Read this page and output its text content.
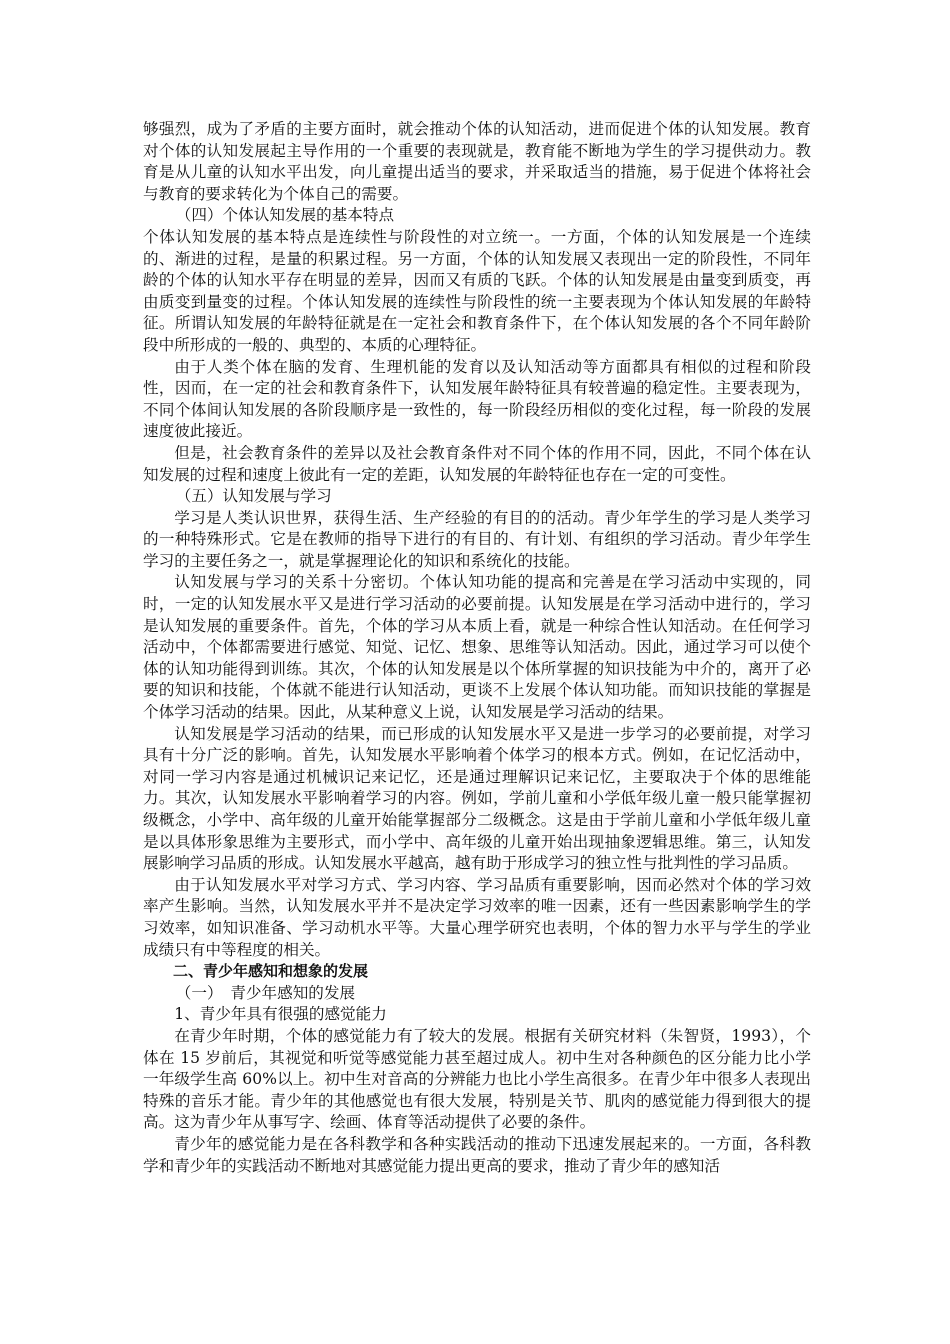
够强烈，成为了矛盾的主要方面时，就会推动个体的认知活动，进而促进个体的认知发展。教育对个体的认知发展起主导作用的一个重要的表现就是，教育能不断地为学生的学习提供动力。教育是从儿童的认知水平出发，向儿童提出适当的要求，并采取适当的措施，易于促进个体将社会与教育的要求转化为个体自己的需要。

（四）个体认知发展的基本特点

个体认知发展的基本特点是连续性与阶段性的对立统一。一方面，个体的认知发展是一个连续的、渐进的过程，是量的积累过程。另一方面，个体的认知发展又表现出一定的阶段性，不同年龄的个体的认知水平存在明显的差异，因而又有质的飞跃。个体的认知发展是由量变到质变，再由质变到量变的过程。个体认知发展的连续性与阶段性的统一主要表现为个体认知发展的年龄特征。所谓认知发展的年龄特征就是在一定社会和教育条件下，在个体认知发展的各个不同年龄阶段中所形成的一般的、典型的、本质的心理特征。

由于人类个体在脑的发育、生理机能的发育以及认知活动等方面都具有相似的过程和阶段性，因而，在一定的社会和教育条件下，认知发展年龄特征具有较普遍的稳定性。主要表现为，不同个体间认知发展的各阶段顺序是一致性的，每一阶段经历相似的变化过程，每一阶段的发展速度彼此接近。

但是，社会教育条件的差异以及社会教育条件对不同个体的作用不同，因此，不同个体在认知发展的过程和速度上彼此有一定的差距，认知发展的年龄特征也存在一定的可变性。

（五）认知发展与学习

学习是人类认识世界，获得生活、生产经验的有目的的活动。青少年学生的学习是人类学习的一种特殊形式。它是在教师的指导下进行的有目的、有计划、有组织的学习活动。青少年学生学习的主要任务之一，就是掌握理论化的知识和系统化的技能。

认知发展与学习的关系十分密切。个体认知功能的提高和完善是在学习活动中实现的，同时，一定的认知发展水平又是进行学习活动的必要前提。认知发展是在学习活动中进行的，学习是认知发展的重要条件。首先，个体的学习从本质上看，就是一种综合性认知活动。在任何学习活动中，个体都需要进行感觉、知觉、记忆、想象、思维等认知活动。因此，通过学习可以使个体的认知功能得到训练。其次，个体的认知发展是以个体所掌握的知识技能为中介的，离开了必要的知识和技能，个体就不能进行认知活动，更谈不上发展个体认知功能。而知识技能的掌握是个体学习活动的结果。因此，从某种意义上说，认知发展是学习活动的结果。

认知发展是学习活动的结果，而已形成的认知发展水平又是进一步学习的必要前提，对学习具有十分广泛的影响。首先，认知发展水平影响着个体学习的根本方式。例如，在记忆活动中，对同一学习内容是通过机械识记来记忆，还是通过理解识记来记忆，主要取决于个体的思维能力。其次，认知发展水平影响着学习的内容。例如，学前儿童和小学低年级儿童一般只能掌握初级概念，小学中、高年级的儿童开始能掌握部分二级概念。这是由于学前儿童和小学低年级儿童是以具体形象思维为主要形式，而小学中、高年级的儿童开始出现抽象逻辑思维。第三，认知发展影响学习品质的形成。认知发展水平越高，越有助于形成学习的独立性与批判性的学习品质。

由于认知发展水平对学习方式、学习内容、学习品质有重要影响，因而必然对个体的学习效率产生影响。当然，认知发展水平并不是决定学习效率的唯一因素，还有一些因素影响学生的学习效率，如知识准备、学习动机水平等。大量心理学研究也表明，个体的智力水平与学生的学业成绩只有中等程度的相关。

二、青少年感知和想象的发展

（一）　青少年感知的发展

1、青少年具有很强的感觉能力

在青少年时期，个体的感觉能力有了较大的发展。根据有关研究材料（朱智贤，1993），个体在 15 岁前后，其视觉和听觉等感觉能力甚至超过成人。初中生对各种颜色的区分能力比小学一年级学生高 60%以上。初中生对音高的分辨能力也比小学生高很多。在青少年中很多人表现出特殊的音乐才能。青少年的其他感觉也有很大发展，特别是关节、肌肉的感觉能力得到很大的提高。这为青少年从事写字、绘画、体育等活动提供了必要的条件。

青少年的感觉能力是在各科教学和各种实践活动的推动下迅速发展起来的。一方面，各科教学和青少年的实践活动不断地对其感觉能力提出更高的要求，推动了青少年的感知活
